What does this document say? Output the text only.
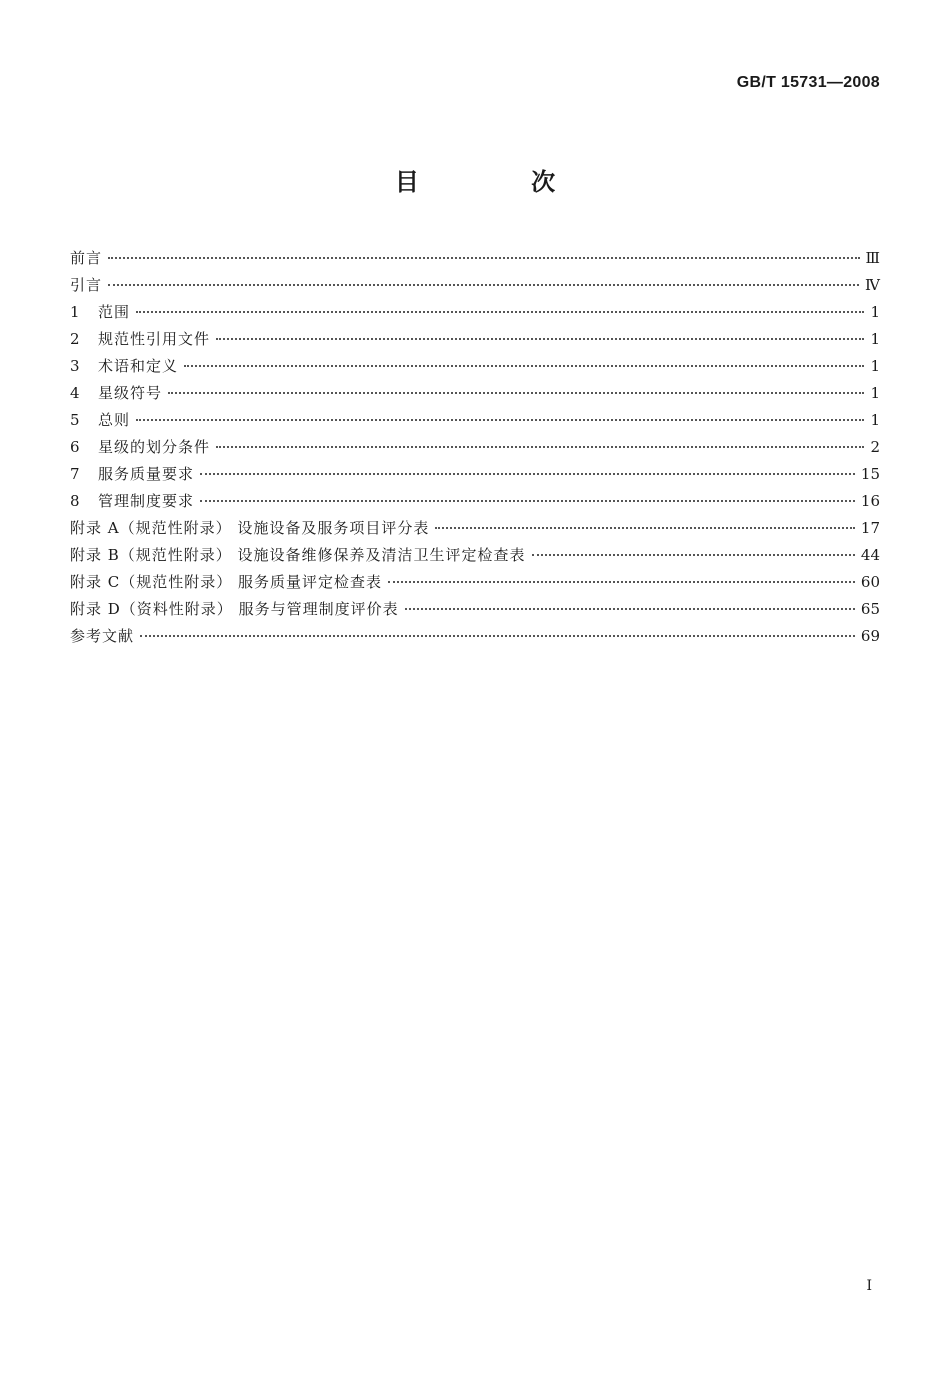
GB/T 15731—2008
目 次
前言	Ⅲ
引言	Ⅳ
1	范围	1
2	规范性引用文件	1
3	术语和定义	1
4	星级符号	1
5	总则	1
6	星级的划分条件	2
7	服务质量要求	15
8	管理制度要求	16
附录 A（规范性附录） 设施设备及服务项目评分表	17
附录 B（规范性附录） 设施设备维修保养及清洁卫生评定检查表	44
附录 C（规范性附录） 服务质量评定检查表	60
附录 D（资料性附录） 服务与管理制度评价表	65
参考文献	69
I
